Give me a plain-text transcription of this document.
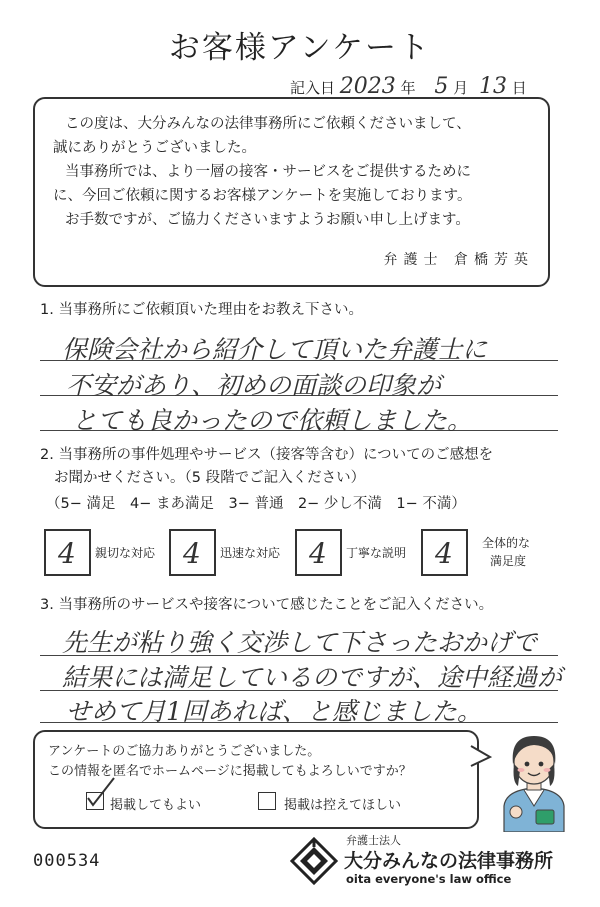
お客様アンケート
記入日 2023 年 5 月 13 日

この度は、大分みんなの法律事務所にご依頼くださいまして、

誠にありがとうございました。

当事務所では、より一層の接客・サービスをご提供するために

に、今回ご依頼に関するお客様アンケートを実施しております。

お手数ですが、ご協力くださいますようお願い申し上げます。

弁護士 倉橋芳英
1. 当事務所にご依頼頂いた理由をお教え下さい。
保険会社から紹介して頂いた弁護士に
不安があり、初めの面談の印象が
とても良かったので依頼しました。
2. 当事務所の事件処理やサービス（接客等含む）についてのご感想を
お聞かせください。（5 段階でご記入ください）
（5− 満足　4− まあ満足　3− 普通　2− 少し不満　1− 不満）
4 親切な対応 4 迅速な対応 4 丁寧な説明 4 全体的な
満足度
3. 当事務所のサービスや接客について感じたことをご記入ください。
先生が粘り強く交渉して下さったおかげで
結果には満足しているのですが、途中経過が
せめて月1回あれば、と感じました。
アンケートのご協力ありがとうございました。
この情報を匿名でホームページに掲載してもよろしいですか？
掲載してもよい	掲載は控えてほしい
000534
弁護士法人
大分みんなの法律事務所
oita everyone's law office
